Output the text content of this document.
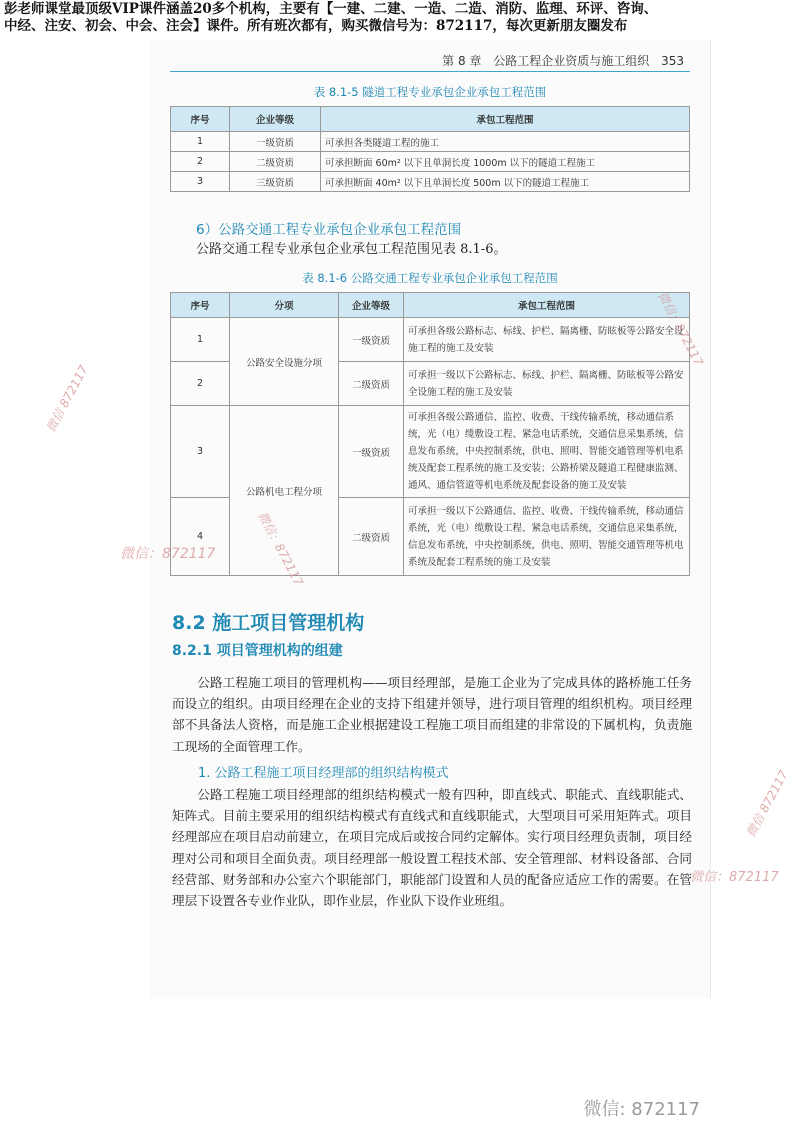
彭老师课堂最顶级VIP课件涵盖20多个机构，主要有【一建、二建、一造、二造、消防、监理、环评、咨询、
中经、注安、初会、中会、注会】课件。所有班次都有，购买微信号为：872117，每次更新朋友圈发布
第 8 章 公路工程企业资质与施工组织 353
表 8.1-5 隧道工程专业承包企业承包工程范围
序号	企业等级	承包工程范围
1	一级资质	可承担各类隧道工程的施工
2	二级资质	可承担断面 60m² 以下且单洞长度 1000m 以下的隧道工程施工
3	三级资质	可承担断面 40m² 以下且单洞长度 500m 以下的隧道工程施工
6）公路交通工程专业承包企业承包工程范围
公路交通工程专业承包企业承包工程范围见表 8.1-6。
表 8.1-6 公路交通工程专业承包企业承包工程范围
序号	分项	企业等级	承包工程范围
1	公路安全设施分项	一级资质	可承担各级公路标志、标线、护栏、隔离栅、防眩板等公路安全设施工程的施工及安装
2		二级资质	可承担一级以下公路标志、标线、护栏、隔离栅、防眩板等公路安全设施工程的施工及安装
3	公路机电工程分项	一级资质	可承担各级公路通信、监控、收费、干线传输系统，移动通信系统，光（电）缆敷设工程、紧急电话系统，交通信息采集系统，信息发布系统，中央控制系统，供电、照明、智能交通管理等机电系统及配套工程系统的施工及安装；公路桥梁及隧道工程健康监测、通风、通信管道等机电系统及配套设备的施工及安装
4		二级资质	可承担一级以下公路通信、监控、收费、干线传输系统，移动通信系统，光（电）缆敷设工程、紧急电话系统，交通信息采集系统，信息发布系统，中央控制系统，供电、照明、智能交通管理等机电系统及配套工程系统的施工及安装
8.2 施工项目管理机构
8.2.1 项目管理机构的组建

公路工程施工项目的管理机构——项目经理部，是施工企业为了完成具体的路桥施工任务而设立的组织。由项目经理在企业的支持下组建并领导，进行项目管理的组织机构。项目经理部不具备法人资格，而是施工企业根据建设工程施工项目而组建的非常设的下属机构，负责施工现场的全面管理工作。

1. 公路工程施工项目经理部的组织结构模式

公路工程施工项目经理部的组织结构模式一般有四种，即直线式、职能式、直线职能式、矩阵式。目前主要采用的组织结构模式有直线式和直线职能式，大型项目可采用矩阵式。项目经理部应在项目启动前建立，在项目完成后或按合同约定解体。实行项目经理负责制，项目经理对公司和项目全面负责。项目经理部一般设置工程技术部、安全管理部、材料设备部、合同经营部、财务部和办公室六个职能部门，职能部门设置和人员的配备应适应工作的需要。在管理层下设置各专业作业队，即作业层，作业队下设作业班组。

微信 872117
微信：872117
微信：872117	微信：872117
微信 872117
微信：872117
微信: 872117
